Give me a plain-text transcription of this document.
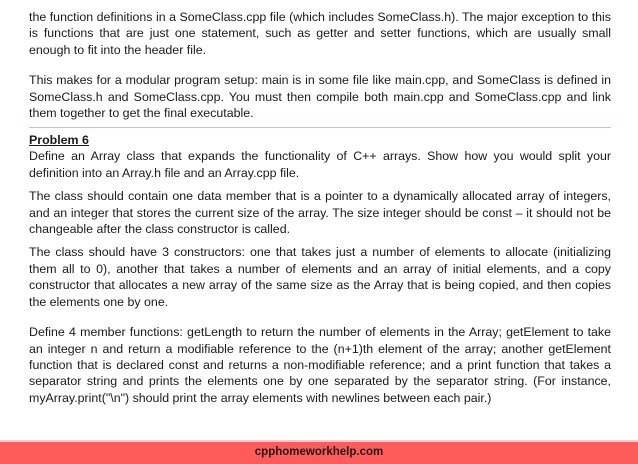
the function definitions in a SomeClass.cpp file (which includes SomeClass.h). The major exception to this is functions that are just one statement, such as getter and setter functions, which are usually small enough to fit into the header file.

This makes for a modular program setup: main is in some file like main.cpp, and SomeClass is defined in SomeClass.h and SomeClass.cpp. You must then compile both main.cpp and SomeClass.cpp and link them together to get the final executable.

Problem 6

Define an Array class that expands the functionality of C++ arrays. Show how you would split your definition into an Array.h file and an Array.cpp file.

The class should contain one data member that is a pointer to a dynamically allocated array of integers, and an integer that stores the current size of the array. The size integer should be const – it should not be changeable after the class constructor is called.

The class should have 3 constructors: one that takes just a number of elements to allocate (initializing them all to 0), another that takes a number of elements and an array of initial elements, and a copy constructor that allocates a new array of the same size as the Array that is being copied, and then copies the elements one by one.

Define 4 member functions: getLength to return the number of elements in the Array; getElement to take an integer n and return a modifiable reference to the (n+1)th element of the array; another getElement function that is declared const and returns a non-modifiable reference; and a print function that takes a separator string and prints the elements one by one separated by the separator string. (For instance, myArray.print("\n") should print the array elements with newlines between each pair.)

cpphomeworkhelp.com
